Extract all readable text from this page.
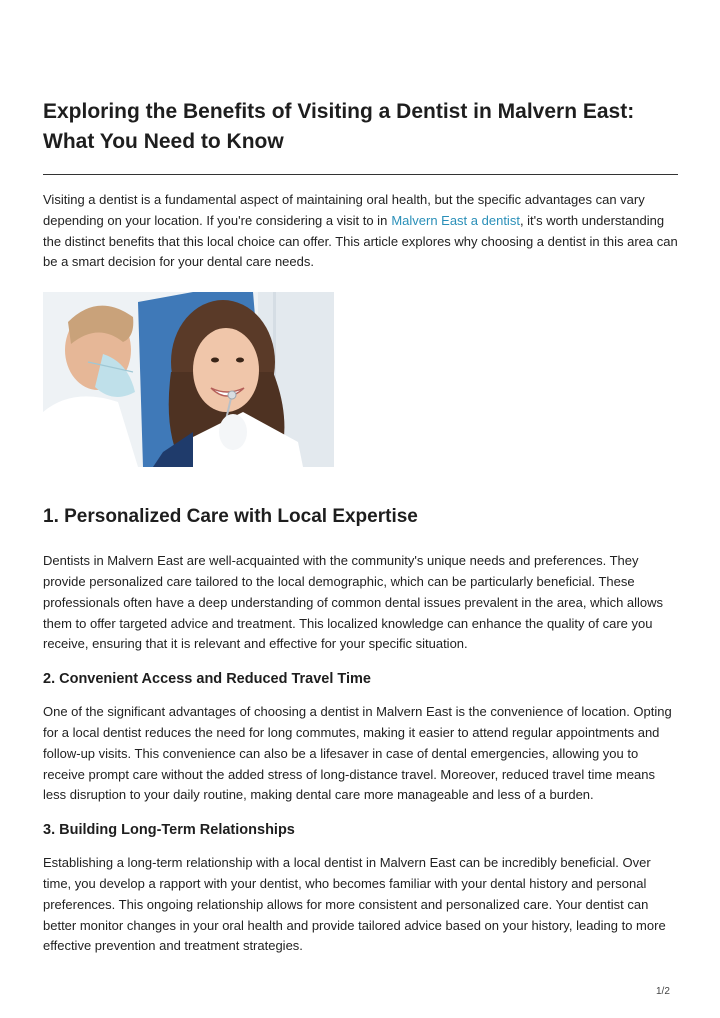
Exploring the Benefits of Visiting a Dentist in Malvern East:
What You Need to Know

Visiting a dentist is a fundamental aspect of maintaining oral health, but the specific advantages can vary depending on your location. If you're considering a visit to in Malvern East a dentist, it's worth understanding the distinct benefits that this local choice can offer. This article explores why choosing a dentist in this area can be a smart decision for your dental care needs.

1. Personalized Care with Local Expertise

Dentists in Malvern East are well-acquainted with the community's unique needs and preferences. They provide personalized care tailored to the local demographic, which can be particularly beneficial. These professionals often have a deep understanding of common dental issues prevalent in the area, which allows them to offer targeted advice and treatment. This localized knowledge can enhance the quality of care you receive, ensuring that it is relevant and effective for your specific situation.

2. Convenient Access and Reduced Travel Time

One of the significant advantages of choosing a dentist in Malvern East is the convenience of location. Opting for a local dentist reduces the need for long commutes, making it easier to attend regular appointments and follow-up visits. This convenience can also be a lifesaver in case of dental emergencies, allowing you to receive prompt care without the added stress of long-distance travel. Moreover, reduced travel time means less disruption to your daily routine, making dental care more manageable and less of a burden.

3. Building Long-Term Relationships

Establishing a long-term relationship with a local dentist in Malvern East can be incredibly beneficial. Over time, you develop a rapport with your dentist, who becomes familiar with your dental history and personal preferences. This ongoing relationship allows for more consistent and personalized care. Your dentist can better monitor changes in your oral health and provide tailored advice based on your history, leading to more effective prevention and treatment strategies.

1/2
